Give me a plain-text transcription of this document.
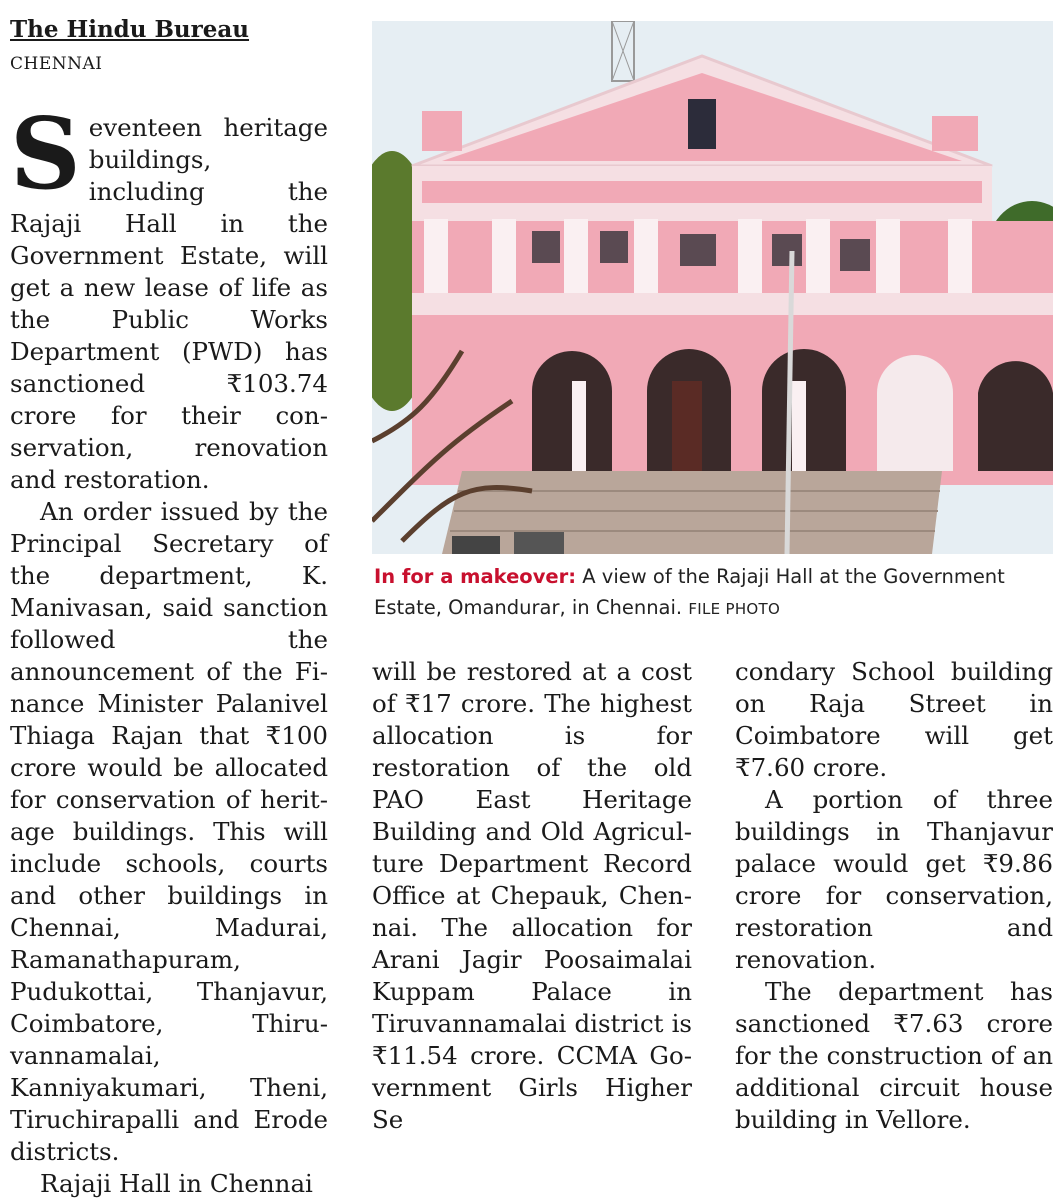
The Hindu Bureau
CHENNAI

Seventeen heritage buildings, including the Rajaji Hall in the Government Estate, will get a new lease of life as the Public Works Department (PWD) has sanctioned ₹103.74 crore for their conservation, renovation and restoration.

An order issued by the Principal Secretary of the department, K. Manivasan, said sanction followed the announcement of the Finance Minister Palanivel Thiaga Rajan that ₹100 crore would be allocated for conservation of heritage buildings. This will include schools, courts and other buildings in Chennai, Madurai, Ramanathapuram, Pudukottai, Thanjavur, Coimbatore, Thiruvannamalai, Kanniyakumari, Theni, Tiruchirapalli and Erode districts.

Rajaji Hall in Chennai

In for a makeover: A view of the Rajaji Hall at the Government Estate, Omandurar, in Chennai. FILE PHOTO

will be restored at a cost of ₹17 crore. The highest allocation is for restoration of the old PAO East Heritage Building and Old Agriculture Department Record Office at Chepauk, Chennai. The allocation for Arani Jagir Poosaimalai Kuppam Palace in Tiruvannamalai district is ₹11.54 crore. CCMA Government Girls Higher Se

condary School building on Raja Street in Coimbatore will get ₹7.60 crore.

A portion of three buildings in Thanjavur palace would get ₹9.86 crore for conservation, restoration and renovation.

The department has sanctioned ₹7.63 crore for the construction of an additional circuit house building in Vellore.
